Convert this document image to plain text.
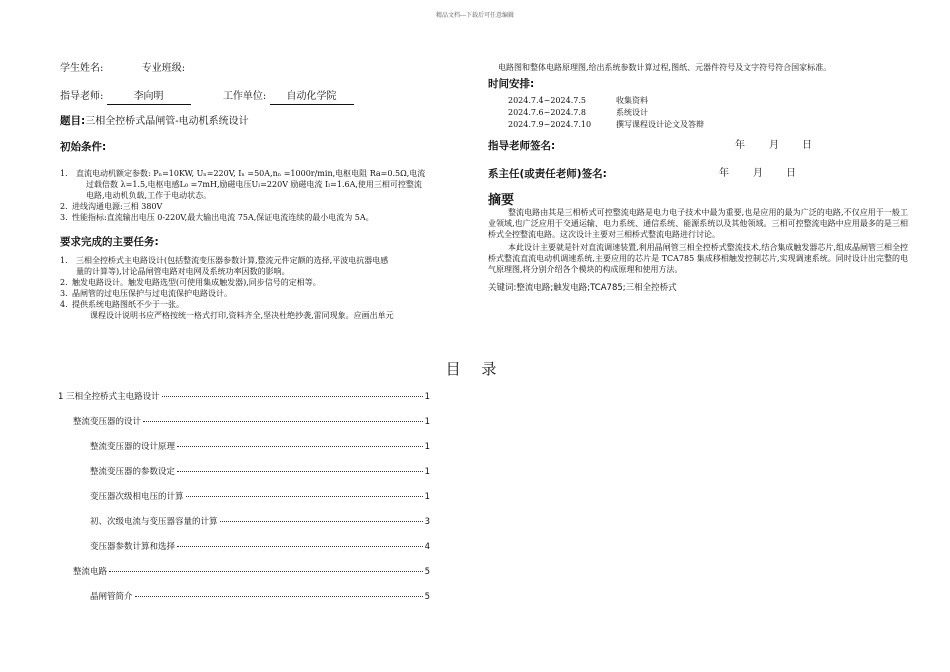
精品文档---下载后可任意编辑
学生姓名:	专业班级:
指导老师:	李向明	工作单位: 自动化学院
题目:三相全控桥式晶闸管-电动机系统设计
初始条件:
1.	直流电动机额定参数: Pₙ=10KW, Uₙ=220V, Iₙ =50A,nₙ =1000r/min,电枢电阻 Ra=0.5Ω,电流
过载倍数 λ=1.5,电枢电感L₀ =7mH,励磁电压Uₗ=220V 励磁电流 Iₗ=1.6A,使用三相可控整流
电路,电动机负载,工作于电动状态。
2. 进线沟通电源:三相 380V
3. 性能指标:直流输出电压 0-220V,最大输出电流 75A,保证电流连续的最小电流为 5A。
要求完成的主要任务:
1.	三相全控桥式主电路设计(包括整流变压器参数计算,整流元件定额的选择,平波电抗器电感
量的计算等),讨论晶闸管电路对电网及系统功率因数的影响。
2. 触发电路设计。触发电路选型(可使用集成触发器),同步信号的定相等。
3. 晶闸管的过电压保护与过电流保护电路设计。
4. 提供系统电路图纸不少于一张。
课程设计说明书应严格按统一格式打印,资料齐全,坚决杜绝抄袭,雷同现象。应画出单元
电路图和整体电路原理图,给出系统参数计算过程,图纸、元器件符号及文字符号符合国家标准。
时间安排:
2024.7.4~2024.7.5	收集资料
2024.7.6~2024.7.8	系统设计
2024.7.9~2024.7.10	撰写课程设计论文及答辩
指导老师签名:	年 月 日
系主任(或责任老师)签名:	年 月 日
摘要
整流电路由其是三相桥式可控整流电路是电力电子技术中最为重要,也是应用的最为广泛的电路,不仅应用于一般工业领域,也广泛应用于交通运输、电力系统、通信系统、能源系统以及其他领域。三相可控整流电路中应用最多的是三相桥式全控整流电路。这次设计主要对三相桥式整流电路进行讨论。
本此设计主要就是针对直流调速装置,利用晶闸管三相全控桥式整流技术,结合集成触发器芯片,组成晶闸管三相全控桥式整流直流电动机调速系统,主要应用的芯片是 TCA785 集成移相触发控制芯片,实现调速系统。同时设计出完整的电气原理图,将分别介绍各个模块的构成原理和使用方法。
关键词:整流电路;触发电路;TCA785;三相全控桥式
目 录
1 三相全控桥式主电路设计	1
整流变压器的设计	1
整流变压器的设计原理	1
整流变压器的参数设定	1
变压器次级相电压的计算	1
初、次级电流与变压器容量的计算	3
变压器参数计算和选择	4
整流电路	5
晶闸管简介	5
